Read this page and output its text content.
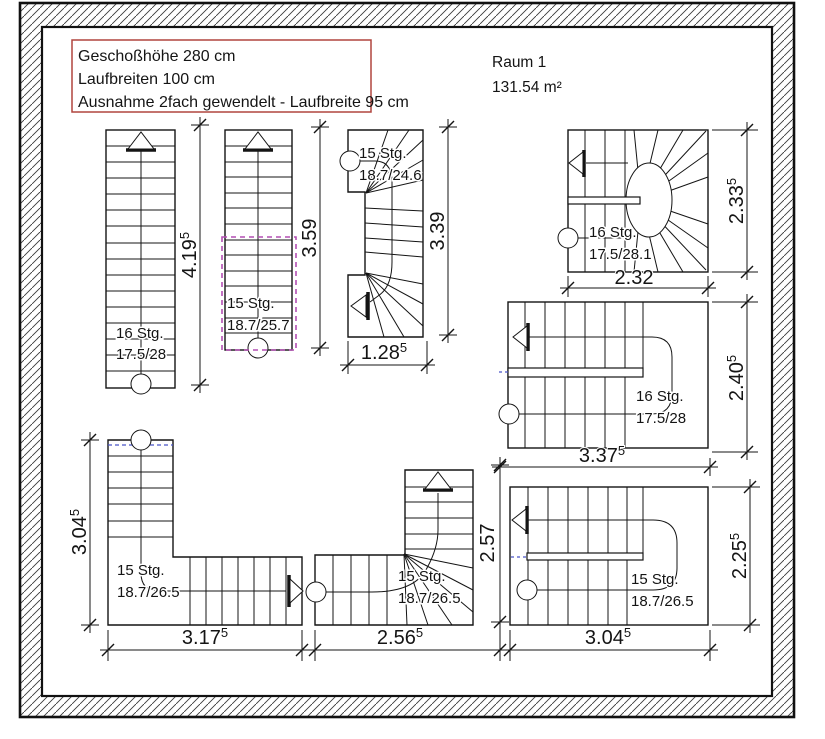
Geschoßhöhe 280 cm
Laufbreiten 100 cm
Ausnahme 2fach gewendelt - Laufbreite 95 cm
Raum 1
131.54 m²
16 Stg.
17.5/28
15 Stg.
18.7/25.7
15 Stg.
18.7/24.6
16 Stg.
17.5/28.1
16 Stg.
17.5/28
15 Stg.
18.7/26.5
15 Stg.
18.7/26.5
15 Stg.
18.7/26.5
4.19$^5$	3.59	3.39
1.28$^5$
2.32
2.33$^5$
3.37$^5$
2.40$^5$
3.04$^5$
3.17$^5$	2.56$^5$
2.57
3.04$^5$
2.25$^5$
